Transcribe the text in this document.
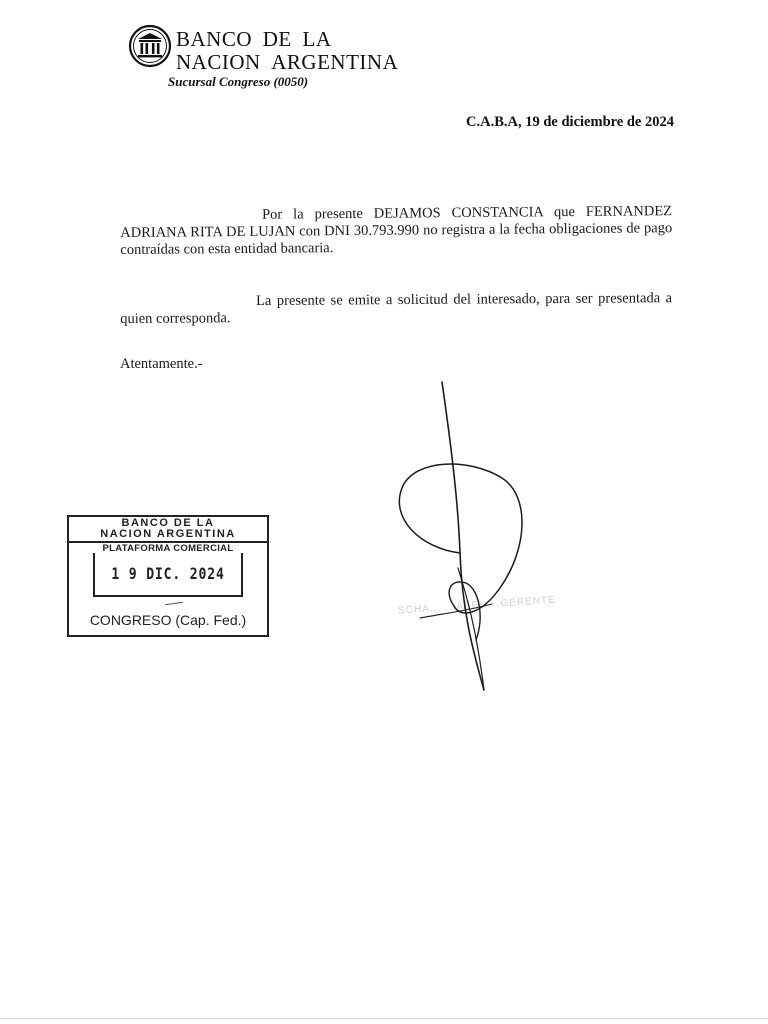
BANCO DE LA
NACION ARGENTINA
Sucursal Congreso (0050)
C.A.B.A, 19 de diciembre de 2024
Por la presente DEJAMOS CONSTANCIA que FERNANDEZ ADRIANA RITA DE LUJAN con DNI 30.793.990 no registra a la fecha obligaciones de pago contraídas con esta entidad bancaria.
La presente se emite a solicitud del interesado, para ser presentada a quien corresponda.
Atentamente.-
BANCO DE LA
NACION ARGENTINA
PLATAFORMA COMERCIAL
1 9 DIC. 2024
CONGRESO (Cap. Fed.)
SCHA... ...ABEL ...GERENTE
